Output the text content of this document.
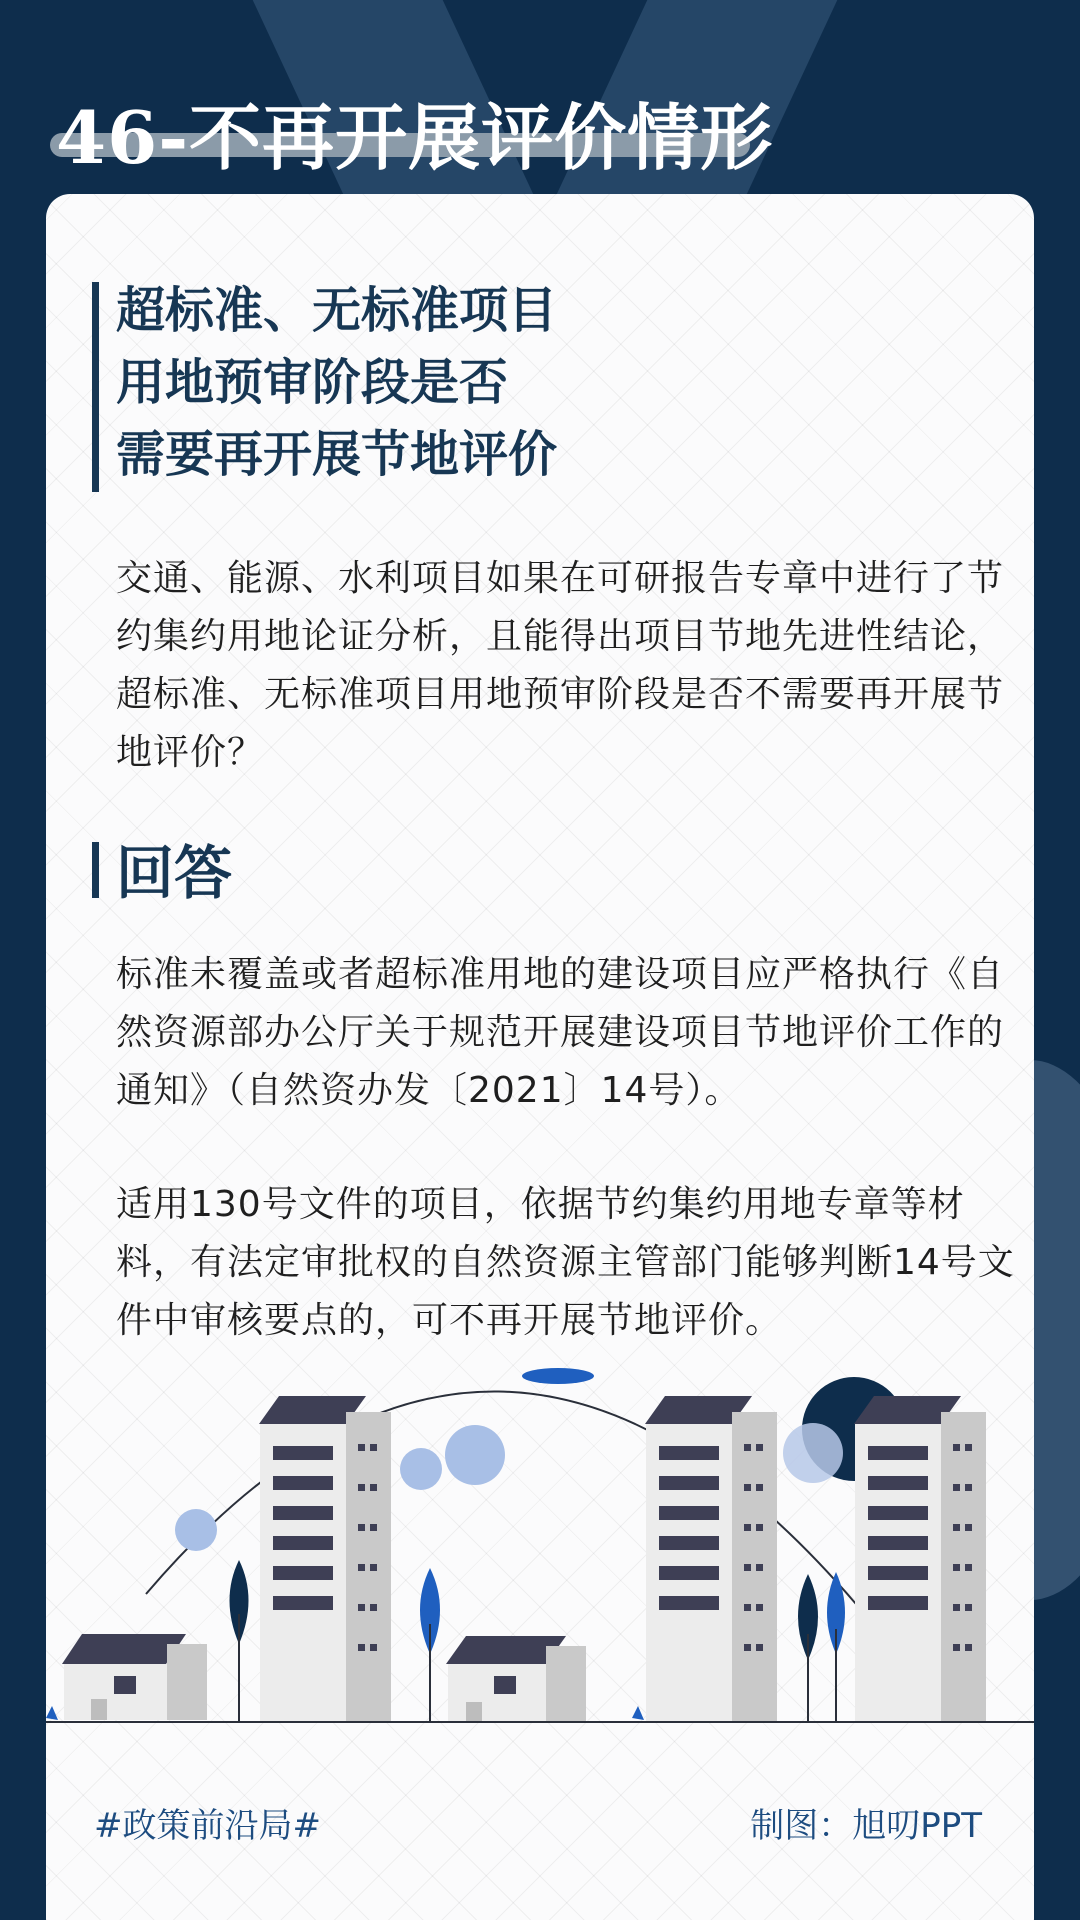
46-不再开展评价情形
超标准、无标准项目
用地预审阶段是否
需要再开展节地评价

交通、能源、水利项目如果在可研报告专章中进行了节约集约用地论证分析，且能得出项目节地先进性结论，超标准、无标准项目用地预审阶段是否不需要再开展节地评价？

回答

标准未覆盖或者超标准用地的建设项目应严格执行《自然资源部办公厅关于规范开展建设项目节地评价工作的通知》（自然资办发〔2021〕14号）。

适用130号文件的项目，依据节约集约用地专章等材料，有法定审批权的自然资源主管部门能够判断14号文件中审核要点的，可不再开展节地评价。

#政策前沿局#	制图：旭叨PPT
